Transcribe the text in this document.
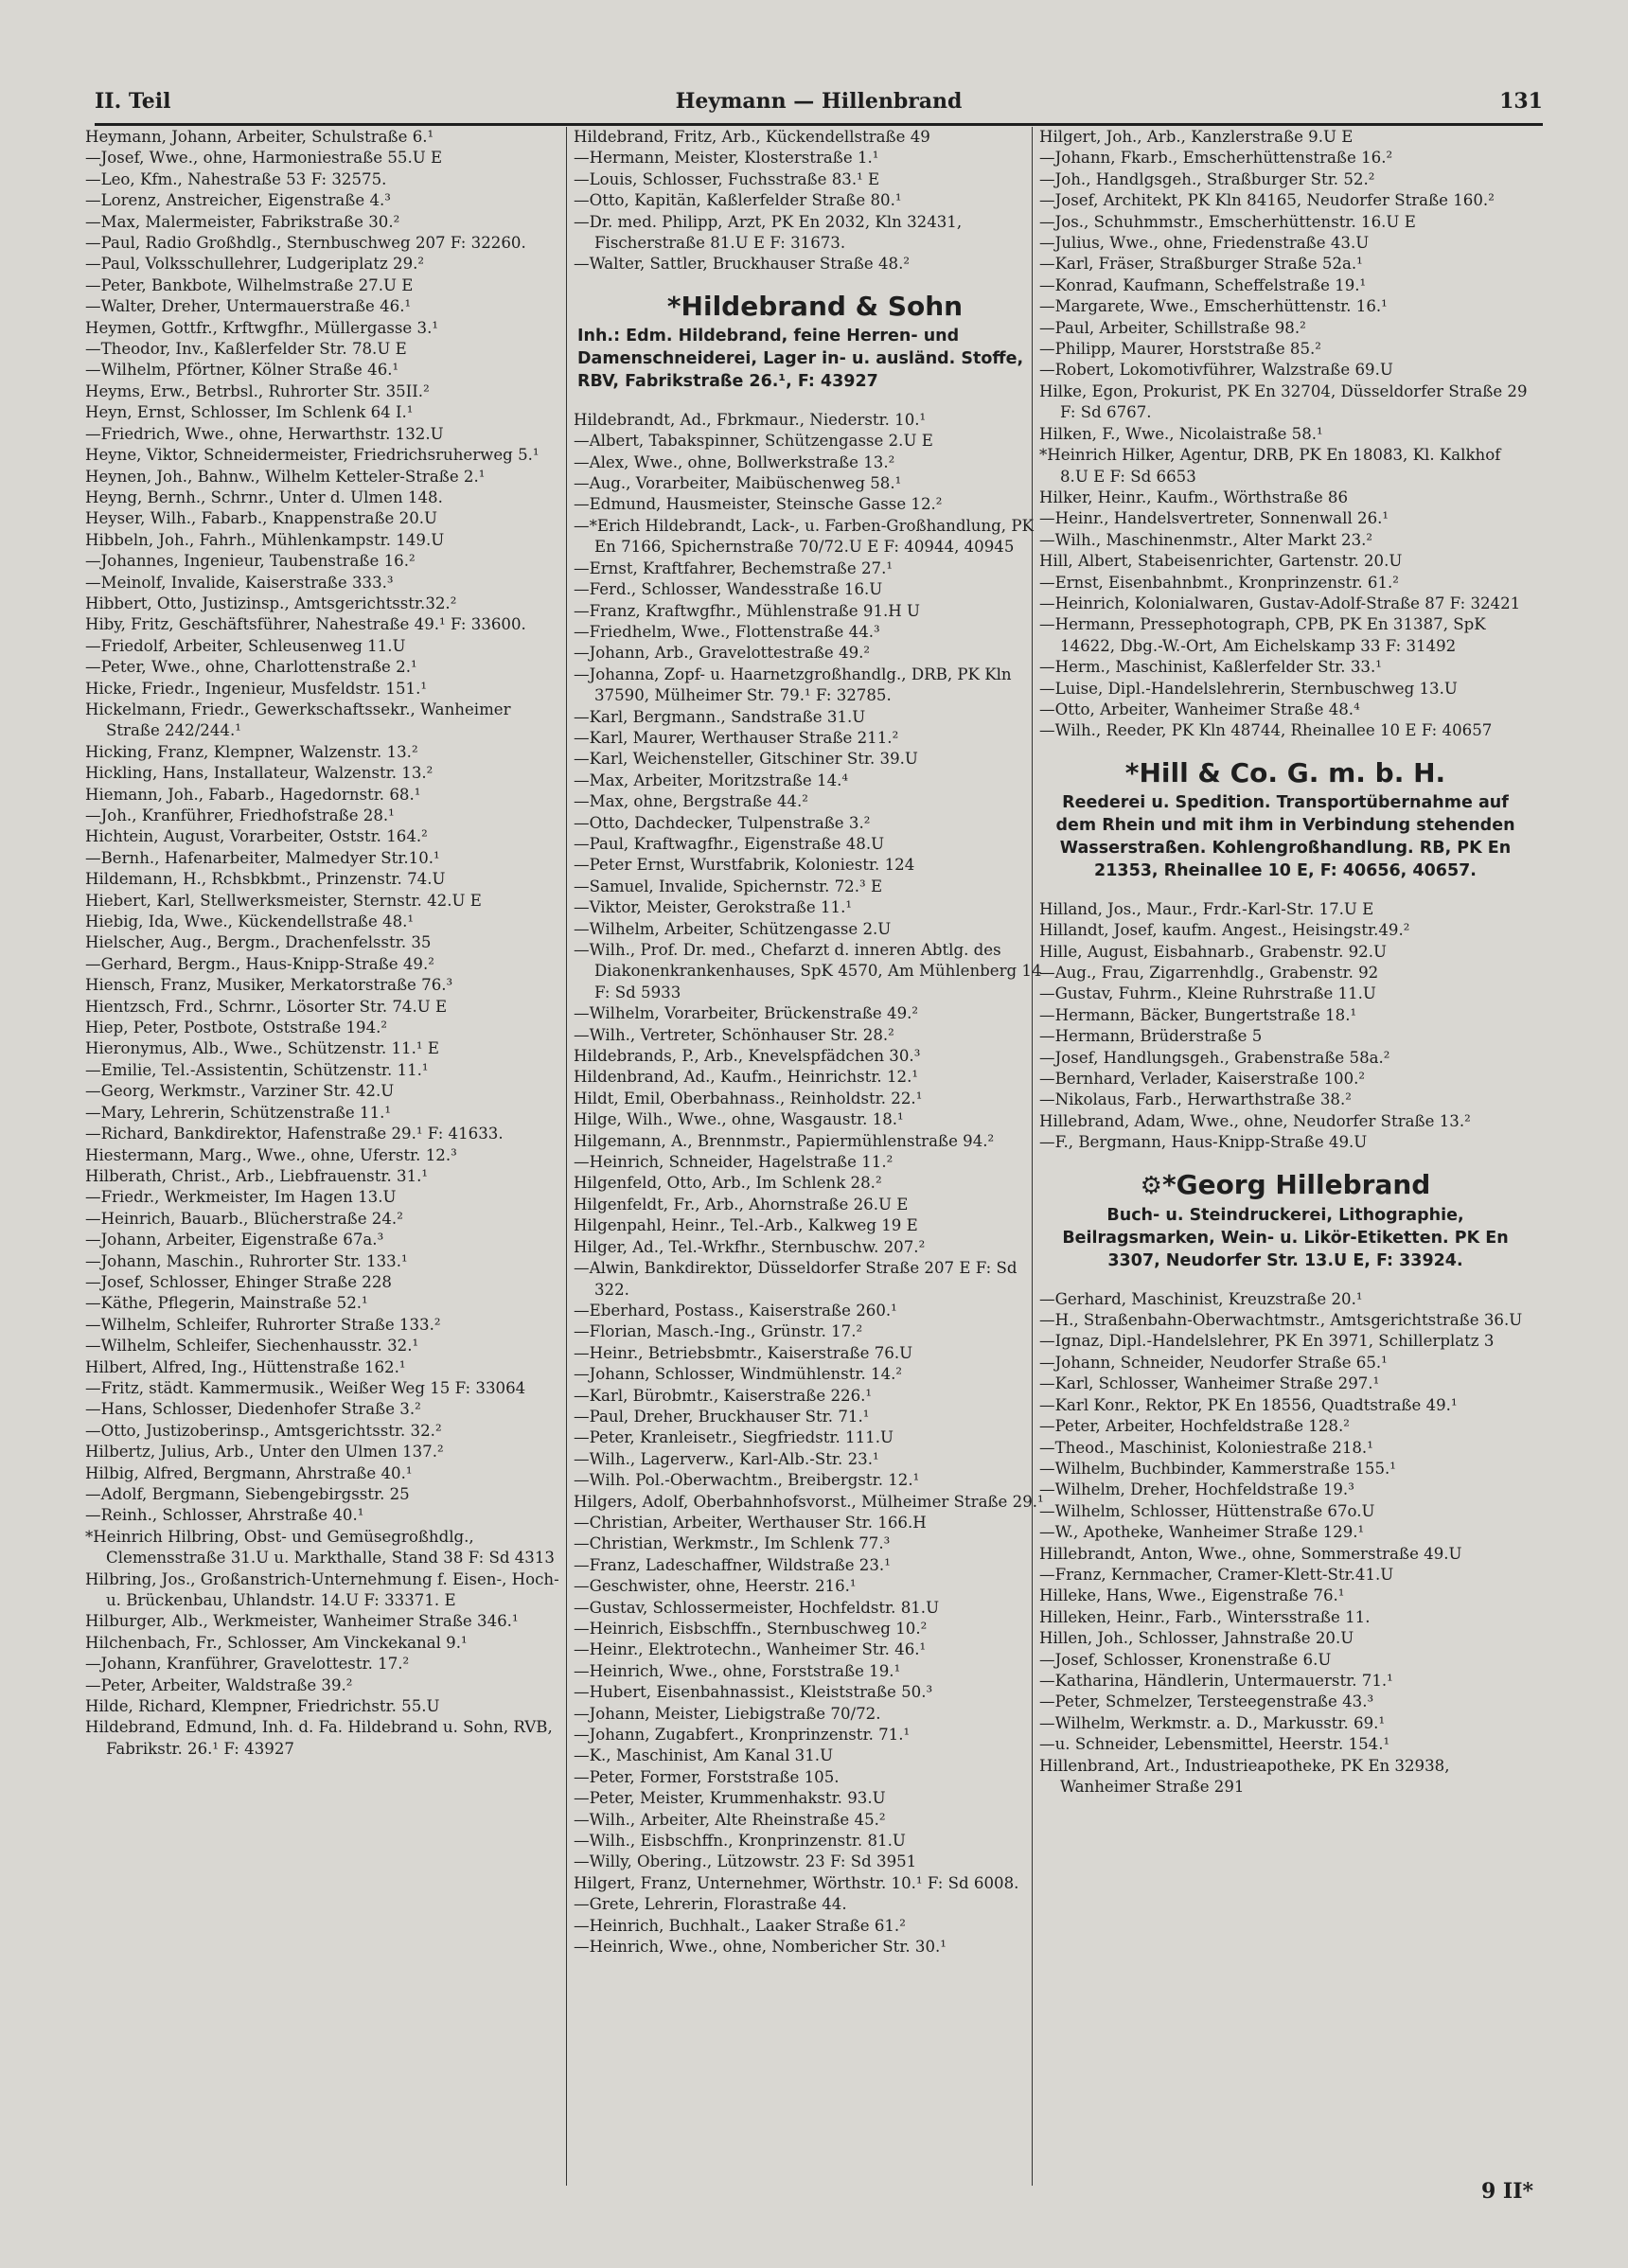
II. Teil	Heymann — Hillenbrand	131
Heymann, Johann, Arbeiter, Schulstraße 6.¹
—Josef, Wwe., ohne, Harmoniestraße 55.U E
—Leo, Kfm., Nahestraße 53 F: 32575.
—Lorenz, Anstreicher, Eigenstraße 4.³
—Max, Malermeister, Fabrikstraße 30.²
—Paul, Radio Großhdlg., Sternbuschweg 207 F: 32260.
—Paul, Volksschullehrer, Ludgeriplatz 29.²
—Peter, Bankbote, Wilhelmstraße 27.U E
—Walter, Dreher, Untermauerstraße 46.¹
Heymen, Gottfr., Krftwgfhr., Müllergasse 3.¹
—Theodor, Inv., Kaßlerfelder Str. 78.U E
—Wilhelm, Pförtner, Kölner Straße 46.¹
Heyms, Erw., Betrbsl., Ruhrorter Str. 35II.²
Heyn, Ernst, Schlosser, Im Schlenk 64 I.¹
—Friedrich, Wwe., ohne, Herwarthstr. 132.U
Heyne, Viktor, Schneidermeister, Friedrichsruherweg 5.¹
Heynen, Joh., Bahnw., Wilhelm Ketteler-Straße 2.¹
Heyng, Bernh., Schrnr., Unter d. Ulmen 148.
Heyser, Wilh., Fabarb., Knappenstraße 20.U
Hibbeln, Joh., Fahrh., Mühlenkampstr. 149.U
—Johannes, Ingenieur, Taubenstraße 16.²
—Meinolf, Invalide, Kaiserstraße 333.³
Hibbert, Otto, Justizinsp., Amtsgerichtsstr.32.²
Hiby, Fritz, Geschäftsführer, Nahestraße 49.¹ F: 33600.
—Friedolf, Arbeiter, Schleusenweg 11.U
—Peter, Wwe., ohne, Charlottenstraße 2.¹
Hicke, Friedr., Ingenieur, Musfeldstr. 151.¹
Hickelmann, Friedr., Gewerkschaftssekr., Wanheimer Straße 242/244.¹
Hicking, Franz, Klempner, Walzenstr. 13.²
Hickling, Hans, Installateur, Walzenstr. 13.²
Hiemann, Joh., Fabarb., Hagedornstr. 68.¹
—Joh., Kranführer, Friedhofstraße 28.¹
Hichtein, August, Vorarbeiter, Oststr. 164.²
—Bernh., Hafenarbeiter, Malmedyer Str.10.¹
Hildemann, H., Rchsbkbmt., Prinzenstr. 74.U
Hiebert, Karl, Stellwerksmeister, Sternstr. 42.U E
Hiebig, Ida, Wwe., Kückendellstraße 48.¹
Hielscher, Aug., Bergm., Drachenfelsstr. 35
—Gerhard, Bergm., Haus-Knipp-Straße 49.²
Hiensch, Franz, Musiker, Merkatorstraße 76.³
Hientzsch, Frd., Schrnr., Lösorter Str. 74.U E
Hiep, Peter, Postbote, Oststraße 194.²
Hieronymus, Alb., Wwe., Schützenstr. 11.¹ E
—Emilie, Tel.-Assistentin, Schützenstr. 11.¹
—Georg, Werkmstr., Varziner Str. 42.U
—Mary, Lehrerin, Schützenstraße 11.¹
—Richard, Bankdirektor, Hafenstraße 29.¹ F: 41633.
Hiestermann, Marg., Wwe., ohne, Uferstr. 12.³
Hilberath, Christ., Arb., Liebfrauenstr. 31.¹
—Friedr., Werkmeister, Im Hagen 13.U
—Heinrich, Bauarb., Blücherstraße 24.²
—Johann, Arbeiter, Eigenstraße 67a.³
—Johann, Maschin., Ruhrorter Str. 133.¹
—Josef, Schlosser, Ehinger Straße 228
—Käthe, Pflegerin, Mainstraße 52.¹
—Wilhelm, Schleifer, Ruhrorter Straße 133.²
—Wilhelm, Schleifer, Siechenhausstr. 32.¹
Hilbert, Alfred, Ing., Hüttenstraße 162.¹
—Fritz, städt. Kammermusik., Weißer Weg 15 F: 33064
—Hans, Schlosser, Diedenhofer Straße 3.²
—Otto, Justizoberinsp., Amtsgerichtsstr. 32.²
Hilbertz, Julius, Arb., Unter den Ulmen 137.²
Hilbig, Alfred, Bergmann, Ahrstraße 40.¹
—Adolf, Bergmann, Siebengebirgsstr. 25
—Reinh., Schlosser, Ahrstraße 40.¹
*Heinrich Hilbring, Obst- und Gemüsegroßhdlg., Clemensstraße 31.U u. Markthalle, Stand 38 F: Sd 4313
Hilbring, Jos., Großanstrich-Unternehmung f. Eisen-, Hoch- u. Brückenbau, Uhlandstr. 14.U F: 33371. E
Hilburger, Alb., Werkmeister, Wanheimer Straße 346.¹
Hilchenbach, Fr., Schlosser, Am Vinckekanal 9.¹
—Johann, Kranführer, Gravelottestr. 17.²
—Peter, Arbeiter, Waldstraße 39.²
Hilde, Richard, Klempner, Friedrichstr. 55.U
Hildebrand, Edmund, Inh. d. Fa. Hildebrand u. Sohn, RVB, Fabrikstr. 26.¹ F: 43927
Hildebrand, Fritz, Arb., Kückendellstraße 49
—Hermann, Meister, Klosterstraße 1.¹
—Louis, Schlosser, Fuchsstraße 83.¹ E
—Otto, Kapitän, Kaßlerfelder Straße 80.¹
—Dr. med. Philipp, Arzt, PK En 2032, Kln 32431, Fischerstraße 81.U E F: 31673.
—Walter, Sattler, Bruckhauser Straße 48.²
*Hildebrand & Sohn
Inh.: Edm. Hildebrand, feine Herren- und Damenschneiderei, Lager in- u. ausländ. Stoffe, RBV, Fabrikstraße 26.¹, F: 43927
Hildebrandt, Ad., Fbrkmaur., Niederstr. 10.¹
—Albert, Tabakspinner, Schützengasse 2.U E
—Alex, Wwe., ohne, Bollwerkstraße 13.²
—Aug., Vorarbeiter, Maibüschenweg 58.¹
—Edmund, Hausmeister, Steinsche Gasse 12.²
—*Erich Hildebrandt, Lack-, u. Farben-Großhandlung, PK En 7166, Spichernstraße 70/72.U E F: 40944, 40945
—Ernst, Kraftfahrer, Bechemstraße 27.¹
—Ferd., Schlosser, Wandesstraße 16.U
—Franz, Kraftwgfhr., Mühlenstraße 91.H U
—Friedhelm, Wwe., Flottenstraße 44.³
—Johann, Arb., Gravelottestraße 49.²
—Johanna, Zopf- u. Haarnetzgroßhandlg., DRB, PK Kln 37590, Mülheimer Str. 79.¹ F: 32785.
—Karl, Bergmann., Sandstraße 31.U
—Karl, Maurer, Werthauser Straße 211.²
—Karl, Weichensteller, Gitschiner Str. 39.U
—Max, Arbeiter, Moritzstraße 14.⁴
—Max, ohne, Bergstraße 44.²
—Otto, Dachdecker, Tulpenstraße 3.²
—Paul, Kraftwagfhr., Eigenstraße 48.U
—Peter Ernst, Wurstfabrik, Koloniestr. 124
—Samuel, Invalide, Spichernstr. 72.³ E
—Viktor, Meister, Gerokstraße 11.¹
—Wilhelm, Arbeiter, Schützengasse 2.U
—Wilh., Prof. Dr. med., Chefarzt d. inneren Abtlg. des Diakonenkrankenhauses, SpK 4570, Am Mühlenberg 14 F: Sd 5933
—Wilhelm, Vorarbeiter, Brückenstraße 49.²
—Wilh., Vertreter, Schönhauser Str. 28.²
Hildebrands, P., Arb., Knevelspfädchen 30.³
Hildenbrand, Ad., Kaufm., Heinrichstr. 12.¹
Hildt, Emil, Oberbahnass., Reinholdstr. 22.¹
Hilge, Wilh., Wwe., ohne, Wasgaustr. 18.¹
Hilgemann, A., Brennmstr., Papiermühlenstraße 94.²
—Heinrich, Schneider, Hagelstraße 11.²
Hilgenfeld, Otto, Arb., Im Schlenk 28.²
Hilgenfeldt, Fr., Arb., Ahornstraße 26.U E
Hilgenpahl, Heinr., Tel.-Arb., Kalkweg 19 E
Hilger, Ad., Tel.-Wrkfhr., Sternbuschw. 207.²
—Alwin, Bankdirektor, Düsseldorfer Straße 207 E F: Sd 322.
—Eberhard, Postass., Kaiserstraße 260.¹
—Florian, Masch.-Ing., Grünstr. 17.²
—Heinr., Betriebsbmtr., Kaiserstraße 76.U
—Johann, Schlosser, Windmühlenstr. 14.²
—Karl, Bürobmtr., Kaiserstraße 226.¹
—Paul, Dreher, Bruckhauser Str. 71.¹
—Peter, Kranleisetr., Siegfriedstr. 111.U
—Wilh., Lagerverw., Karl-Alb.-Str. 23.¹
—Wilh. Pol.-Oberwachtm., Breibergstr. 12.¹
Hilgers, Adolf, Oberbahnhofsvorst., Mülheimer Straße 29.¹
—Christian, Arbeiter, Werthauser Str. 166.H
—Christian, Werkmstr., Im Schlenk 77.³
—Franz, Ladeschaffner, Wildstraße 23.¹
—Geschwister, ohne, Heerstr. 216.¹
—Gustav, Schlossermeister, Hochfeldstr. 81.U
—Heinrich, Eisbschffn., Sternbuschweg 10.²
—Heinr., Elektrotechn., Wanheimer Str. 46.¹
—Heinrich, Wwe., ohne, Forststraße 19.¹
—Hubert, Eisenbahnassist., Kleiststraße 50.³
—Johann, Meister, Liebigstraße 70/72.
—Johann, Zugabfert., Kronprinzenstr. 71.¹
—K., Maschinist, Am Kanal 31.U
—Peter, Former, Forststraße 105.
—Peter, Meister, Krummenhakstr. 93.U
—Wilh., Arbeiter, Alte Rheinstraße 45.²
—Wilh., Eisbschffn., Kronprinzenstr. 81.U
—Willy, Obering., Lützowstr. 23 F: Sd 3951
Hilgert, Franz, Unternehmer, Wörthstr. 10.¹ F: Sd 6008.
—Grete, Lehrerin, Florastraße 44.
—Heinrich, Buchhalt., Laaker Straße 61.²
—Heinrich, Wwe., ohne, Nombericher Str. 30.¹
Hilgert, Joh., Arb., Kanzlerstraße 9.U E
—Johann, Fkarb., Emscherhüttenstraße 16.²
—Joh., Handlgsgeh., Straßburger Str. 52.²
—Josef, Architekt, PK Kln 84165, Neudorfer Straße 160.²
—Jos., Schuhmmstr., Emscherhüttenstr. 16.U E
—Julius, Wwe., ohne, Friedenstraße 43.U
—Karl, Fräser, Straßburger Straße 52a.¹
—Konrad, Kaufmann, Scheffelstraße 19.¹
—Margarete, Wwe., Emscherhüttenstr. 16.¹
—Paul, Arbeiter, Schillstraße 98.²
—Philipp, Maurer, Horststraße 85.²
—Robert, Lokomotivführer, Walzstraße 69.U
Hilke, Egon, Prokurist, PK En 32704, Düsseldorfer Straße 29 F: Sd 6767.
Hilken, F., Wwe., Nicolaistraße 58.¹
*Heinrich Hilker, Agentur, DRB, PK En 18083, Kl. Kalkhof 8.U E F: Sd 6653
Hilker, Heinr., Kaufm., Wörthstraße 86
—Heinr., Handelsvertreter, Sonnenwall 26.¹
—Wilh., Maschinenmstr., Alter Markt 23.²
Hill, Albert, Stabeisenrichter, Gartenstr. 20.U
—Ernst, Eisenbahnbmt., Kronprinzenstr. 61.²
—Heinrich, Kolonialwaren, Gustav-Adolf-Straße 87 F: 32421
—Hermann, Pressephotograph, CPB, PK En 31387, SpK 14622, Dbg.-W.-Ort, Am Eichelskamp 33 F: 31492
—Herm., Maschinist, Kaßlerfelder Str. 33.¹
—Luise, Dipl.-Handelslehrerin, Sternbuschweg 13.U
—Otto, Arbeiter, Wanheimer Straße 48.⁴
—Wilh., Reeder, PK Kln 48744, Rheinallee 10 E F: 40657
*Hill & Co. G. m. b. H.
Reederei u. Spedition. Transportübernahme auf dem Rhein und mit ihm in Verbindung stehenden Wasserstraßen. Kohlengroßhandlung. RB, PK En 21353, Rheinallee 10 E, F: 40656, 40657.
Hilland, Jos., Maur., Frdr.-Karl-Str. 17.U E
Hillandt, Josef, kaufm. Angest., Heisingstr.49.²
Hille, August, Eisbahnarb., Grabenstr. 92.U
—Aug., Frau, Zigarrenhdlg., Grabenstr. 92
—Gustav, Fuhrm., Kleine Ruhrstraße 11.U
—Hermann, Bäcker, Bungertstraße 18.¹
—Hermann, Brüderstraße 5
—Josef, Handlungsgeh., Grabenstraße 58a.²
—Bernhard, Verlader, Kaiserstraße 100.²
—Nikolaus, Farb., Herwarthstraße 38.²
Hillebrand, Adam, Wwe., ohne, Neudorfer Straße 13.²
—F., Bergmann, Haus-Knipp-Straße 49.U
⚙*Georg Hillebrand
Buch- u. Steindruckerei, Lithographie, Beilragsmarken, Wein- u. Likör-Etiketten. PK En 3307, Neudorfer Str. 13.U E, F: 33924.
—Gerhard, Maschinist, Kreuzstraße 20.¹
—H., Straßenbahn-Oberwachtmstr., Amtsgerichtstraße 36.U
—Ignaz, Dipl.-Handelslehrer, PK En 3971, Schillerplatz 3
—Johann, Schneider, Neudorfer Straße 65.¹
—Karl, Schlosser, Wanheimer Straße 297.¹
—Karl Konr., Rektor, PK En 18556, Quadtstraße 49.¹
—Peter, Arbeiter, Hochfeldstraße 128.²
—Theod., Maschinist, Koloniestraße 218.¹
—Wilhelm, Buchbinder, Kammerstraße 155.¹
—Wilhelm, Dreher, Hochfeldstraße 19.³
—Wilhelm, Schlosser, Hüttenstraße 67o.U
—W., Apotheke, Wanheimer Straße 129.¹
Hillebrandt, Anton, Wwe., ohne, Sommerstraße 49.U
—Franz, Kernmacher, Cramer-Klett-Str.41.U
Hilleke, Hans, Wwe., Eigenstraße 76.¹
Hilleken, Heinr., Farb., Wintersstraße 11.
Hillen, Joh., Schlosser, Jahnstraße 20.U
—Josef, Schlosser, Kronenstraße 6.U
—Katharina, Händlerin, Untermauerstr. 71.¹
—Peter, Schmelzer, Tersteegenstraße 43.³
—Wilhelm, Werkmstr. a. D., Markusstr. 69.¹
—u. Schneider, Lebensmittel, Heerstr. 154.¹
Hillenbrand, Art., Industrieapotheke, PK En 32938, Wanheimer Straße 291
9 II*
